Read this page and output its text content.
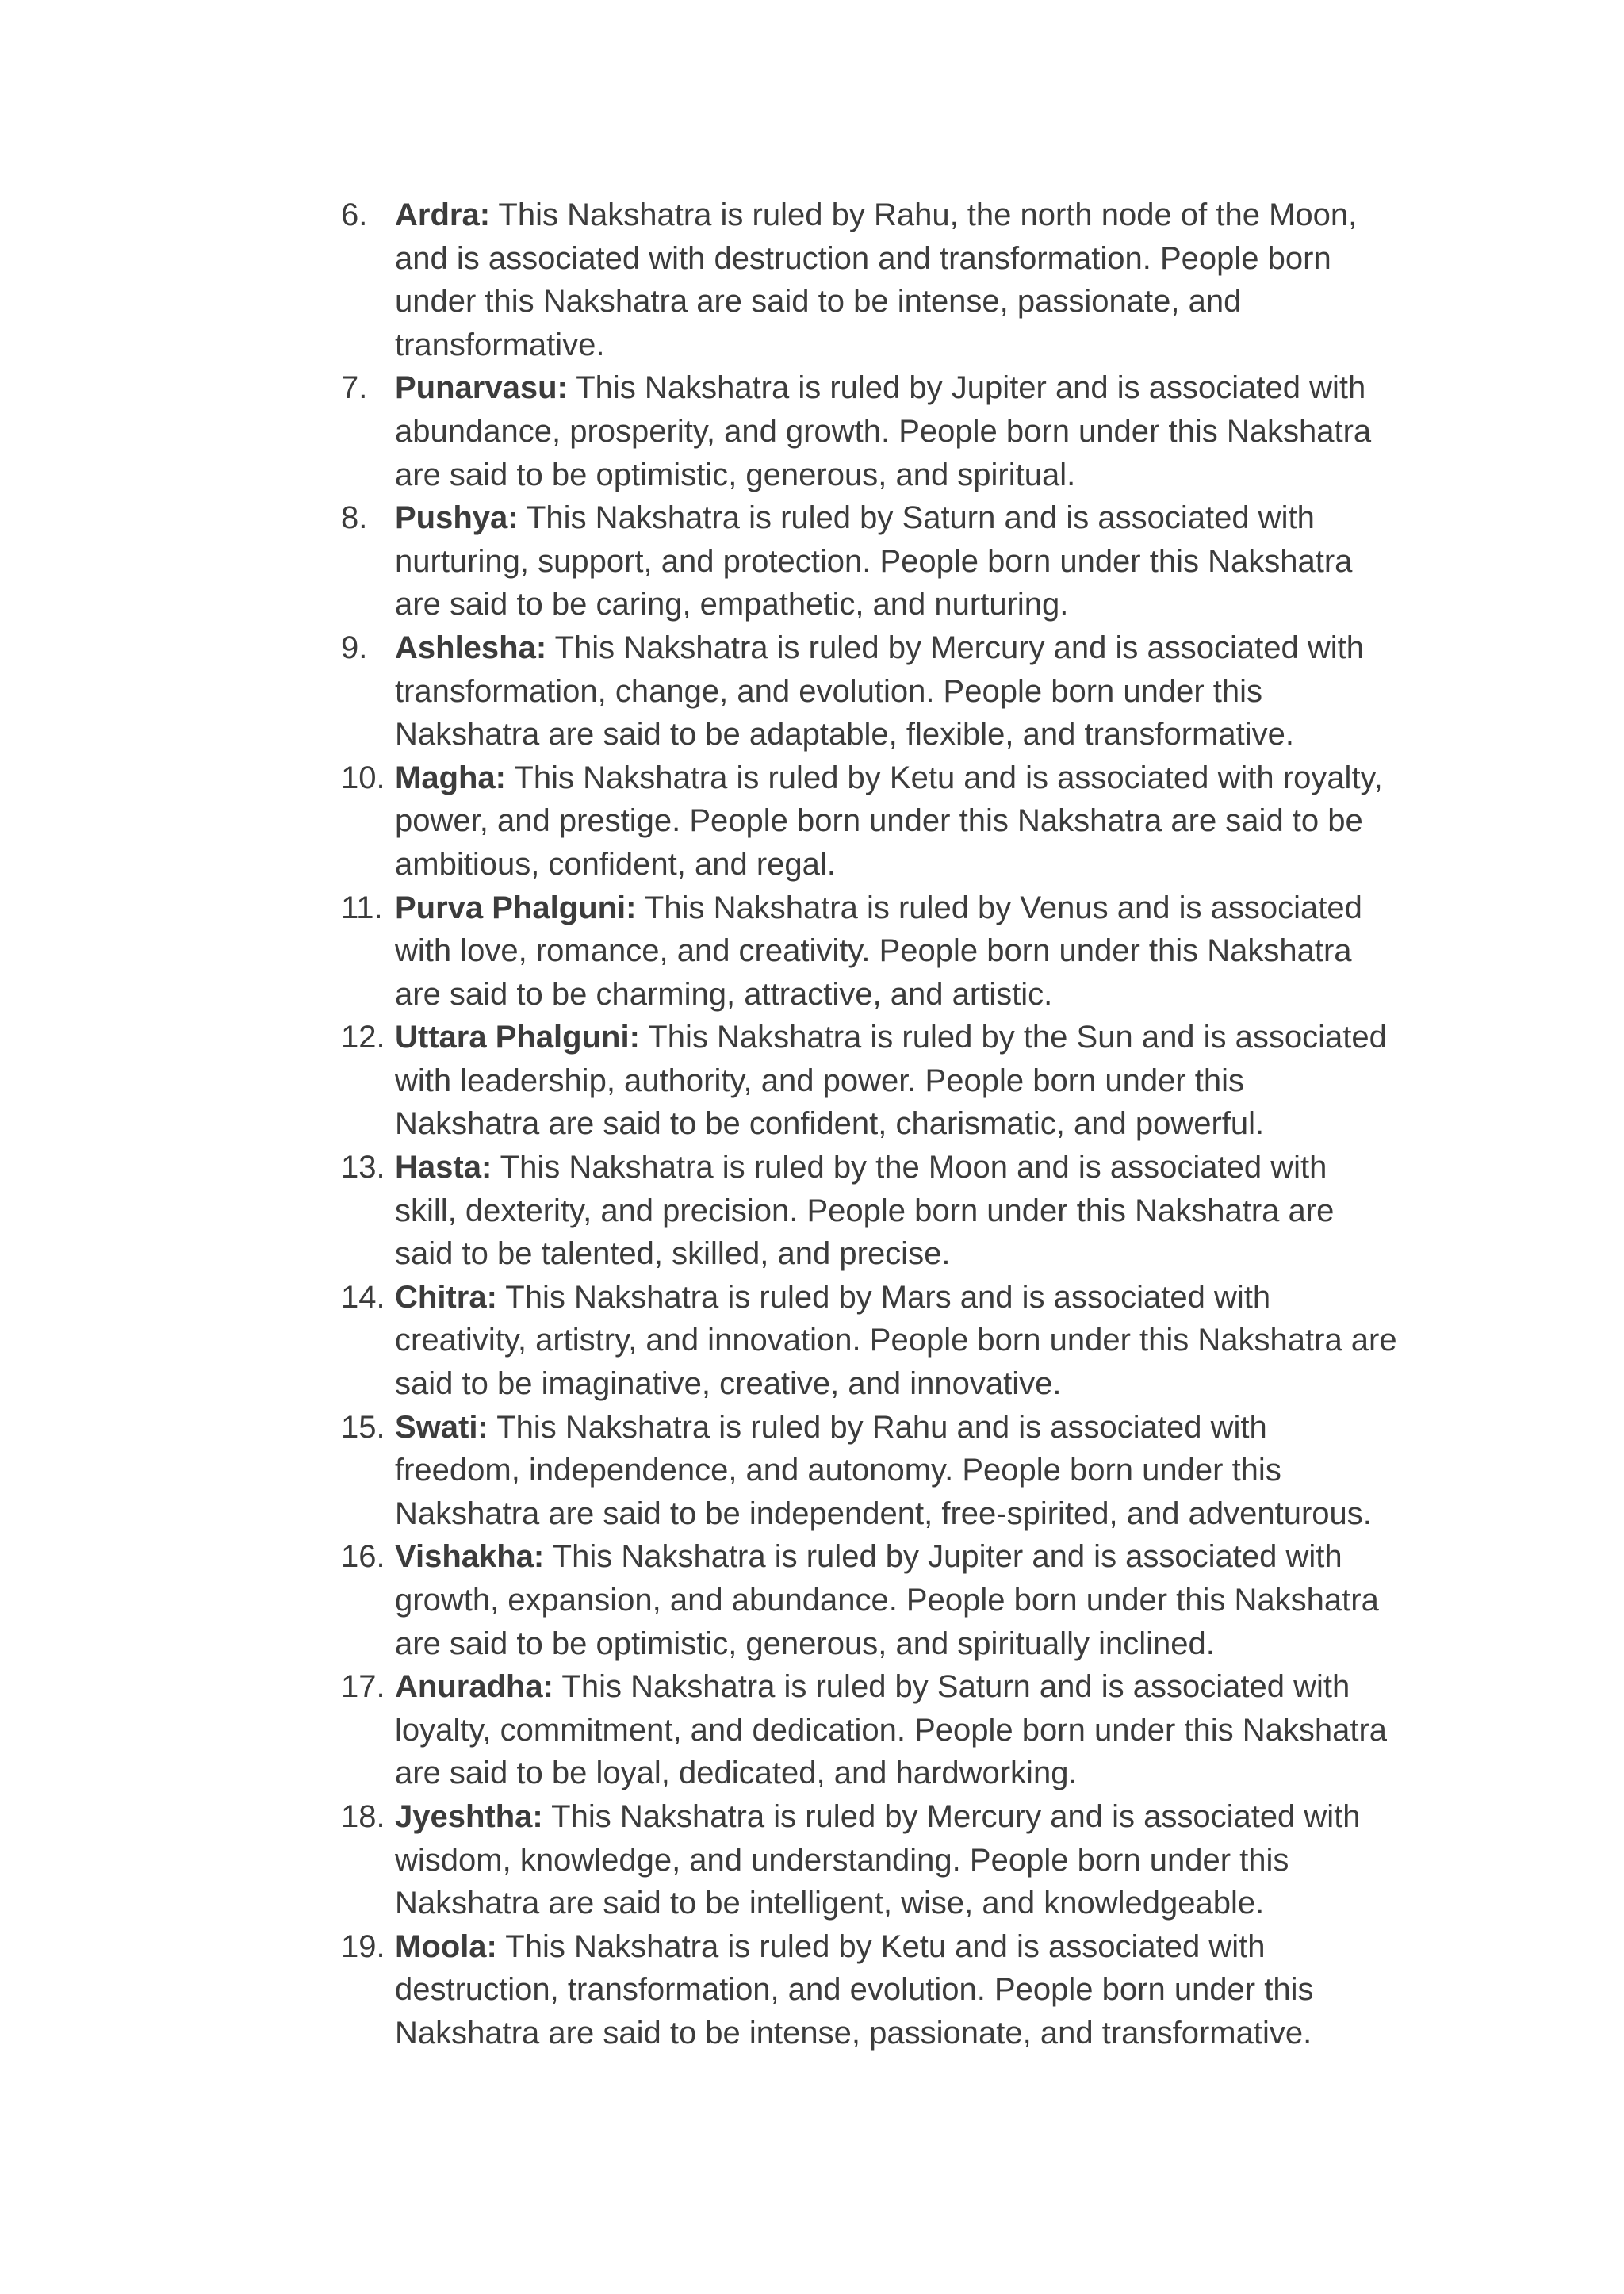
6. Ardra: This Nakshatra is ruled by Rahu, the north node of the Moon,
and is associated with destruction and transformation. People born
under this Nakshatra are said to be intense, passionate, and
transformative.
7. Punarvasu: This Nakshatra is ruled by Jupiter and is associated with
abundance, prosperity, and growth. People born under this Nakshatra
are said to be optimistic, generous, and spiritual.
8. Pushya: This Nakshatra is ruled by Saturn and is associated with
nurturing, support, and protection. People born under this Nakshatra
are said to be caring, empathetic, and nurturing.
9. Ashlesha: This Nakshatra is ruled by Mercury and is associated with
transformation, change, and evolution. People born under this
Nakshatra are said to be adaptable, flexible, and transformative.
10. Magha: This Nakshatra is ruled by Ketu and is associated with royalty,
power, and prestige. People born under this Nakshatra are said to be
ambitious, confident, and regal.
11. Purva Phalguni: This Nakshatra is ruled by Venus and is associated
with love, romance, and creativity. People born under this Nakshatra
are said to be charming, attractive, and artistic.
12. Uttara Phalguni: This Nakshatra is ruled by the Sun and is associated
with leadership, authority, and power. People born under this
Nakshatra are said to be confident, charismatic, and powerful.
13. Hasta: This Nakshatra is ruled by the Moon and is associated with
skill, dexterity, and precision. People born under this Nakshatra are
said to be talented, skilled, and precise.
14. Chitra: This Nakshatra is ruled by Mars and is associated with
creativity, artistry, and innovation. People born under this Nakshatra are
said to be imaginative, creative, and innovative.
15. Swati: This Nakshatra is ruled by Rahu and is associated with
freedom, independence, and autonomy. People born under this
Nakshatra are said to be independent, free-spirited, and adventurous.
16. Vishakha: This Nakshatra is ruled by Jupiter and is associated with
growth, expansion, and abundance. People born under this Nakshatra
are said to be optimistic, generous, and spiritually inclined.
17. Anuradha: This Nakshatra is ruled by Saturn and is associated with
loyalty, commitment, and dedication. People born under this Nakshatra
are said to be loyal, dedicated, and hardworking.
18. Jyeshtha: This Nakshatra is ruled by Mercury and is associated with
wisdom, knowledge, and understanding. People born under this
Nakshatra are said to be intelligent, wise, and knowledgeable.
19. Moola: This Nakshatra is ruled by Ketu and is associated with
destruction, transformation, and evolution. People born under this
Nakshatra are said to be intense, passionate, and transformative.
